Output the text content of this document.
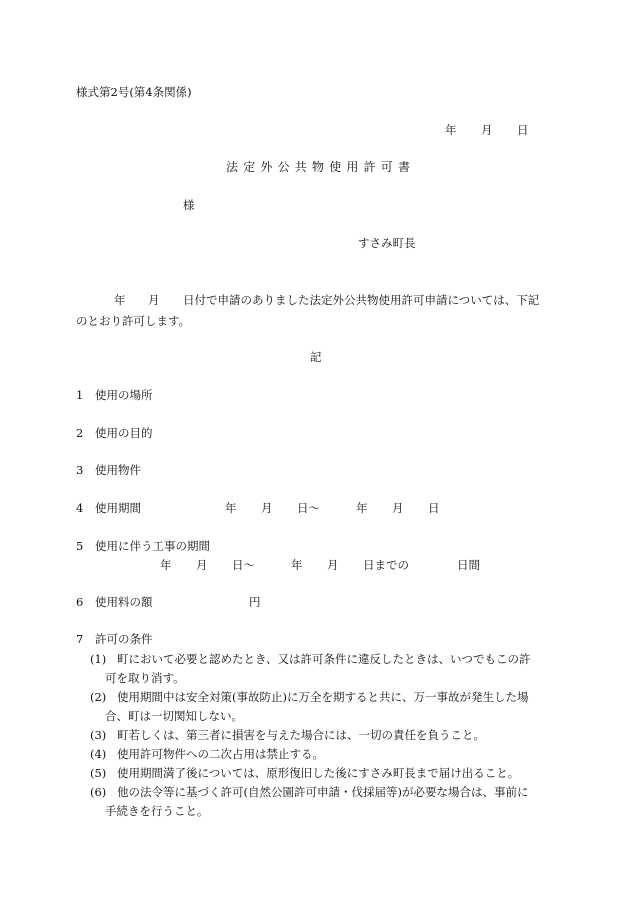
様式第2号(第4条関係)
年 月 日
法定外公共物使用許可書
様
すさみ町長
年 月 日付で申請のありました法定外公共物使用許可申請については、下記
のとおり許可します。
記
1 使用の場所
2 使用の目的
3 使用物件
4 使用期間	年 月 日～	年 月 日
5 使用に伴う工事の期間
年 月 日～	年 月 日までの	日間
6 使用料の額	円
7 許可の条件
(1) 町において必要と認めたとき、又は許可条件に違反したときは、いつでもこの許
可を取り消す。
(2) 使用期間中は安全対策(事故防止)に万全を期すると共に、万一事故が発生した場
合、町は一切関知しない。
(3) 町若しくは、第三者に損害を与えた場合には、一切の責任を負うこと。
(4) 使用許可物件への二次占用は禁止する。
(5) 使用期間満了後については、原形復旧した後にすさみ町長まで届け出ること。
(6) 他の法令等に基づく許可(自然公園許可申請・伐採届等)が必要な場合は、事前に
手続きを行うこと。
